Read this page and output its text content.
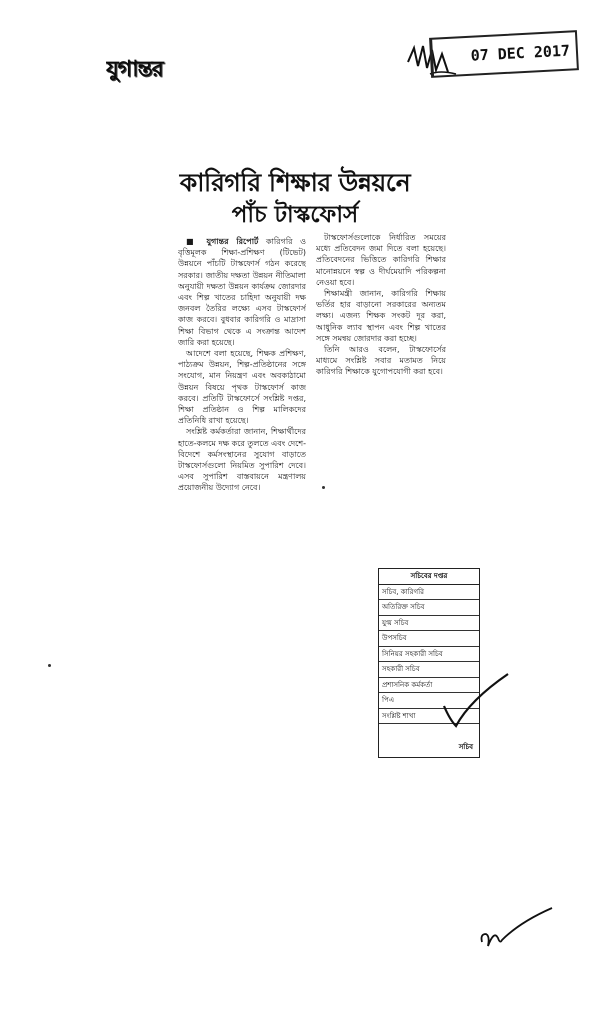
যুগান্তর
07 DEC 2017
কারিগরি শিক্ষার উন্নয়নে
পাঁচ টাস্কফোর্স

■ যুগান্তর রিপোর্ট কারিগরি ও বৃত্তিমূলক শিক্ষা-প্রশিক্ষণ (টিভেট) উন্নয়নে পাঁচটি টাস্কফোর্স গঠন করেছে সরকার। জাতীয় দক্ষতা উন্নয়ন নীতিমালা অনুযায়ী দক্ষতা উন্নয়ন কার্যক্রম জোরদার এবং শিল্প খাতের চাহিদা অনুযায়ী দক্ষ জনবল তৈরির লক্ষ্যে এসব টাস্কফোর্স কাজ করবে। বুধবার কারিগরি ও মাদ্রাসা শিক্ষা বিভাগ থেকে এ সংক্রান্ত আদেশ জারি করা হয়েছে।

আদেশে বলা হয়েছে, শিক্ষক প্রশিক্ষণ, পাঠ্যক্রম উন্নয়ন, শিল্প-প্রতিষ্ঠানের সঙ্গে সংযোগ, মান নিয়ন্ত্রণ এবং অবকাঠামো উন্নয়ন বিষয়ে পৃথক টাস্কফোর্স কাজ করবে। প্রতিটি টাস্কফোর্সে সংশ্লিষ্ট দপ্তর, শিক্ষা প্রতিষ্ঠান ও শিল্প মালিকদের প্রতিনিধি রাখা হয়েছে।

সংশ্লিষ্ট কর্মকর্তারা জানান, শিক্ষার্থীদের হাতে-কলমে দক্ষ করে তুলতে এবং দেশে-বিদেশে কর্মসংস্থানের সুযোগ বাড়াতে টাস্কফোর্সগুলো নিয়মিত সুপারিশ দেবে। এসব সুপারিশ বাস্তবায়নে মন্ত্রণালয় প্রয়োজনীয় উদ্যোগ নেবে।

টাস্কফোর্সগুলোকে নির্ধারিত সময়ের মধ্যে প্রতিবেদন জমা দিতে বলা হয়েছে। প্রতিবেদনের ভিত্তিতে কারিগরি শিক্ষার মানোন্নয়নে স্বল্প ও দীর্ঘমেয়াদি পরিকল্পনা নেওয়া হবে।

শিক্ষামন্ত্রী জানান, কারিগরি শিক্ষায় ভর্তির হার বাড়ানো সরকারের অন্যতম লক্ষ্য। এজন্য শিক্ষক সংকট দূর করা, আধুনিক ল্যাব স্থাপন এবং শিল্প খাতের সঙ্গে সমন্বয় জোরদার করা হচ্ছে।

তিনি আরও বলেন, টাস্কফোর্সের মাধ্যমে সংশ্লিষ্ট সবার মতামত নিয়ে কারিগরি শিক্ষাকে যুগোপযোগী করা হবে।

সচিবের দপ্তর
সচিব, কারিগরি
অতিরিক্ত সচিব
যুগ্ম সচিব
উপসচিব
সিনিয়র সহকারী সচিব
সহকারী সচিব
প্রশাসনিক কর্মকর্তা
পিএ
সংশ্লিষ্ট শাখা
সচিব
